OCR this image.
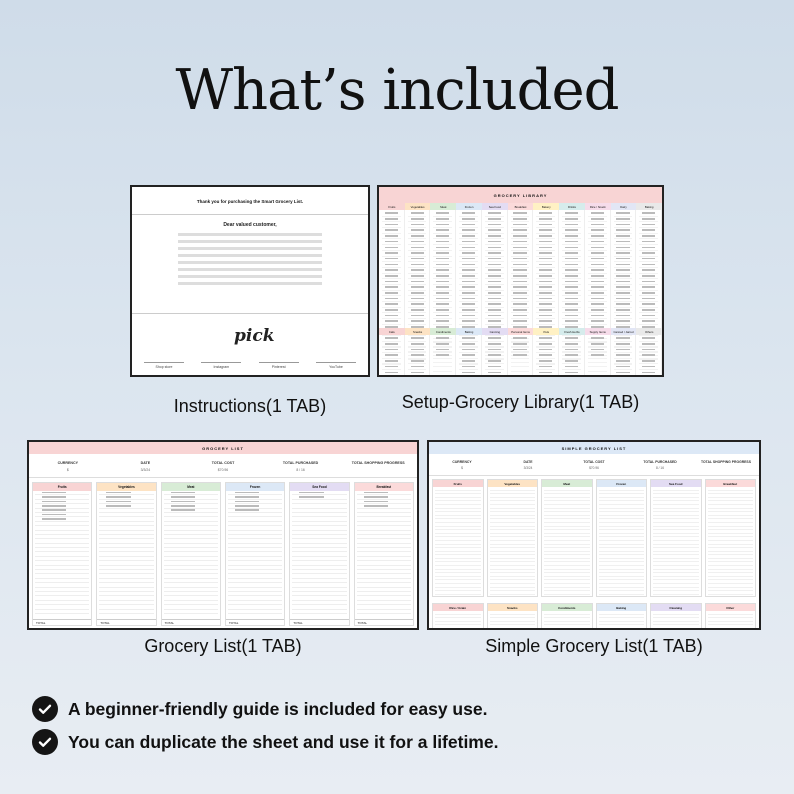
What’s included
Thank you for purchasing the Smart Grocery List.
Dear valued customer,
pick
Shop store	Instagram	Pinterest	YouTube
Instructions(1 TAB)
GROCERY LIBRARY
Fruits	Vegetables	Meat	Frozen	Sea Food	Breakfast	Bakery	Drinks	Rice / Snack	Dairy	Baking
Cafe	Snacks	Condiments	Baking	Canning	Personal Items	Pets	Fresh Herbs	Supply Items	Canned / Jarred	Others
Setup-Grocery Library(1 TAB)
GROCERY LIST
CURRENCY
$
DATE
3/3/24
TOTAL COST
$70.96
TOTAL PURCHASED
8 / 16
TOTAL SHOPPING PROGRESS
Fruits
TOTAL
Vegetables
TOTAL
Meat
TOTAL
Frozen
TOTAL
Sea Food
TOTAL
Breakfast
TOTAL
Grocery List(1 TAB)
SIMPLE GROCERY LIST
CURRENCY
$
DATE
3/3/24
TOTAL COST
$70.96
TOTAL PURCHASED
8 / 16
TOTAL SHOPPING PROGRESS
Fruits	Vegetables	Meat	Frozen	Sea Food	Breakfast
Rice / Grain	Snacks	Condiments	Baking	Cleaning	Other
Simple Grocery List(1 TAB)
A beginner-friendly guide is included for easy use.
You can duplicate the sheet and use it for a lifetime.
